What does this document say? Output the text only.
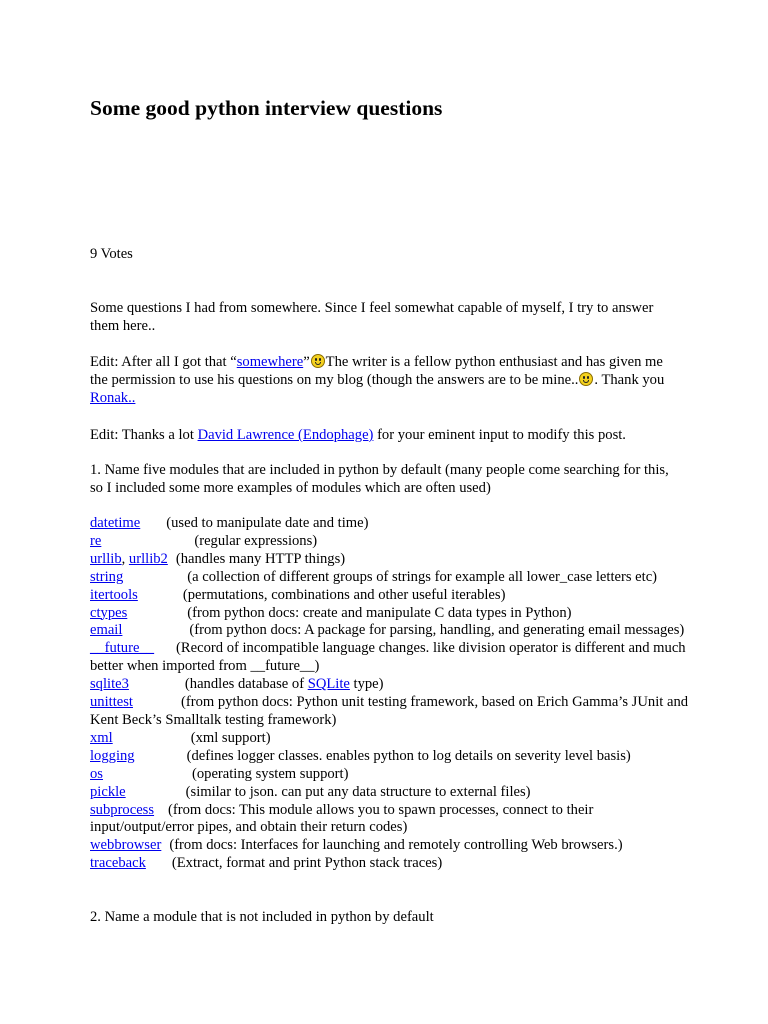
Some good python interview questions

9 Votes

Some questions I had from somewhere. Since I feel somewhat capable of myself, I try to answer them here..

Edit: After all I got that “somewhere” The writer is a fellow python enthusiast and has given me the permission to use his questions on my blog (though the answers are to be mine.. . Thank you Ronak..

Edit: Thanks a lot David Lawrence (Endophage) for your eminent input to modify this post.

1. Name five modules that are included in python by default (many people come searching for this, so I included some more examples of modules which are often used)

datetime (used to manipulate date and time)

re	(regular expressions)

urllib, urllib2 (handles many HTTP things)

string	(a collection of different groups of strings for example all lower_case letters etc)

itertools	(permutations, combinations and other useful iterables)

ctypes	(from python docs: create and manipulate C data types in Python)

email	(from python docs: A package for parsing, handling, and generating email messages)

__future__ (Record of incompatible language changes. like division operator is different and much better when imported from __future__)

sqlite3	(handles database of SQLite type)

unittest	(from python docs: Python unit testing framework, based on Erich Gamma’s JUnit and Kent Beck’s Smalltalk testing framework)

xml	(xml support)

logging	(defines logger classes. enables python to log details on severity level basis)

os	(operating system support)

pickle	(similar to json. can put any data structure to external files)

subprocess (from docs: This module allows you to spawn processes, connect to their input/output/error pipes, and obtain their return codes)

webbrowser (from docs: Interfaces for launching and remotely controlling Web browsers.)

traceback (Extract, format and print Python stack traces)

2. Name a module that is not included in python by default
